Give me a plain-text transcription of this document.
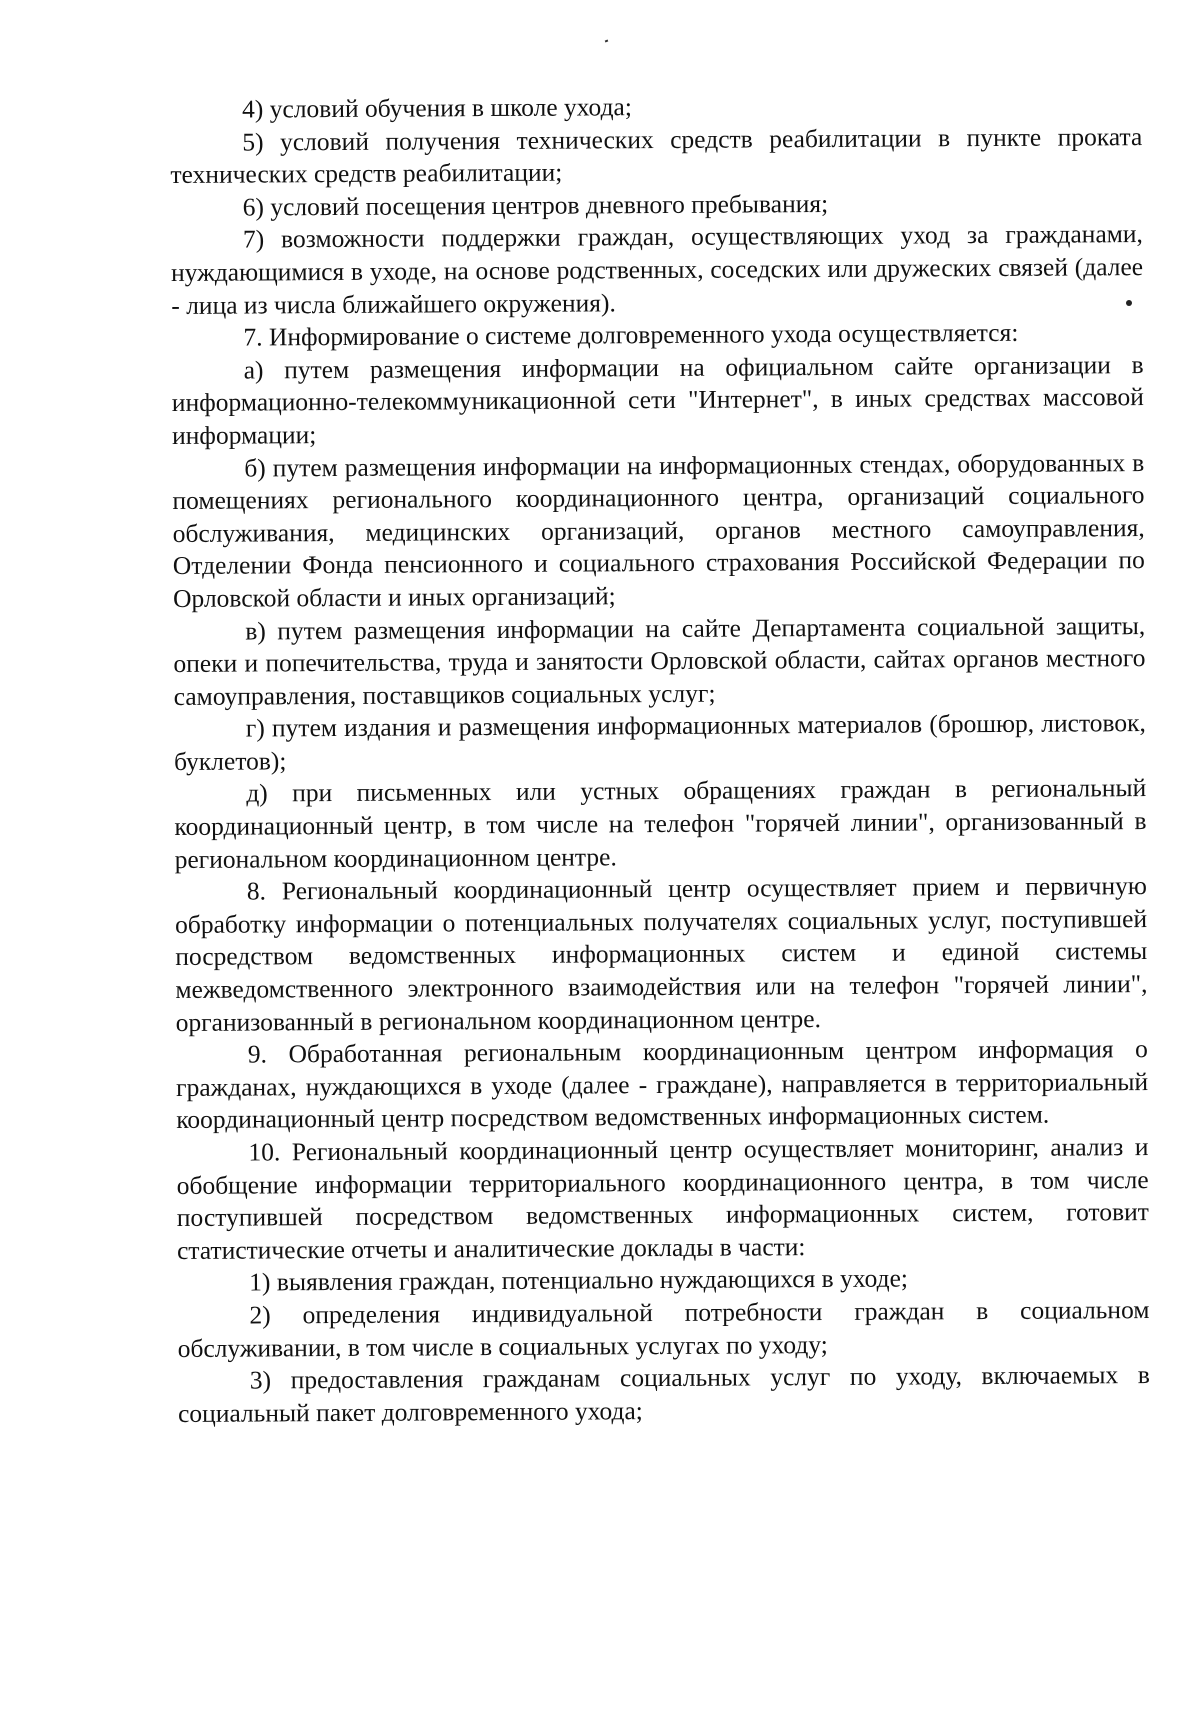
4) условий обучения в школе ухода;

5) условий получения технических средств реабилитации в пункте проката технических средств реабилитации;

6) условий посещения центров дневного пребывания;

7) возможности поддержки граждан, осуществляющих уход за гражданами, нуждающимися в уходе, на основе родственных, соседских или дружеских связей (далее - лица из числа ближайшего окружения).

7. Информирование о системе долговременного ухода осуществляется:

а) путем размещения информации на официальном сайте организации в информационно-телекоммуникационной сети "Интернет", в иных средствах массовой информации;

б) путем размещения информации на информационных стендах, оборудованных в помещениях регионального координационного центра, организаций социального обслуживания, медицинских организаций, органов местного самоуправления, Отделении Фонда пенсионного и социального страхования Российской Федерации по Орловской области и иных организаций;

в) путем размещения информации на сайте Департамента социальной защиты, опеки и попечительства, труда и занятости Орловской области, сайтах органов местного самоуправления, поставщиков социальных услуг;

г) путем издания и размещения информационных материалов (брошюр, листовок, буклетов);

д) при письменных или устных обращениях граждан в региональный координационный центр, в том числе на телефон "горячей линии", организованный в региональном координационном центре.

8. Региональный координационный центр осуществляет прием и первичную обработку информации о потенциальных получателях социальных услуг, поступившей посредством ведомственных информационных систем и единой системы межведомственного электронного взаимодействия или на телефон "горячей линии", организованный в региональном координационном центре.

9. Обработанная региональным координационным центром информация о гражданах, нуждающихся в уходе (далее - граждане), направляется в территориальный координационный центр посредством ведомственных информационных систем.

10. Региональный координационный центр осуществляет мониторинг, анализ и обобщение информации территориального координационного центра, в том числе поступившей посредством ведомственных информационных систем, готовит статистические отчеты и аналитические доклады в части:

1) выявления граждан, потенциально нуждающихся в уходе;

2) определения индивидуальной потребности граждан в социальном обслуживании, в том числе в социальных услугах по уходу;

3) предоставления гражданам социальных услуг по уходу, включаемых в социальный пакет долговременного ухода;
